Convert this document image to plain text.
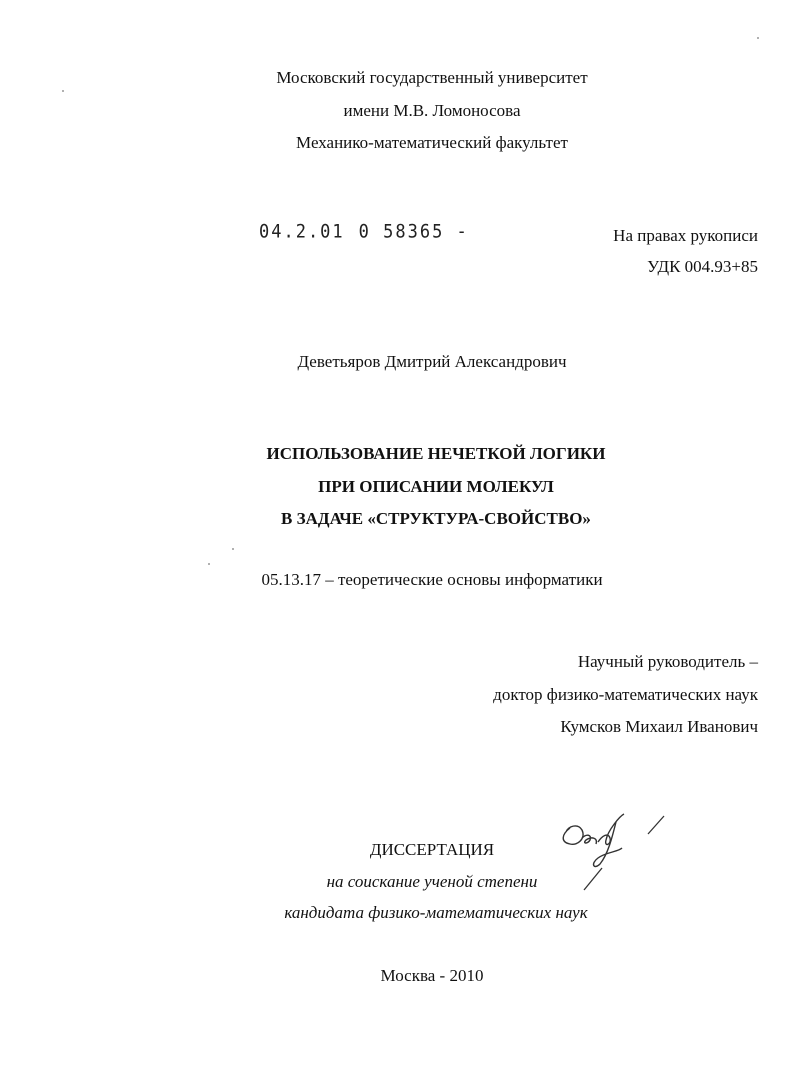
Московский государственный университет
имени М.В. Ломоносова
Механико-математический факультет
04.2.01 0 58365 -	На правах рукописи
УДК 004.93+85
Деветьяров Дмитрий Александрович
ИСПОЛЬЗОВАНИЕ НЕЧЕТКОЙ ЛОГИКИ
ПРИ ОПИСАНИИ МОЛЕКУЛ
В ЗАДАЧЕ «СТРУКТУРА-СВОЙСТВО»
05.13.17 – теоретические основы информатики
Научный руководитель –
доктор физико-математических наук
Кумсков Михаил Иванович
ДИССЕРТАЦИЯ
на соискание ученой степени
кандидата физико-математических наук
Москва - 2010
